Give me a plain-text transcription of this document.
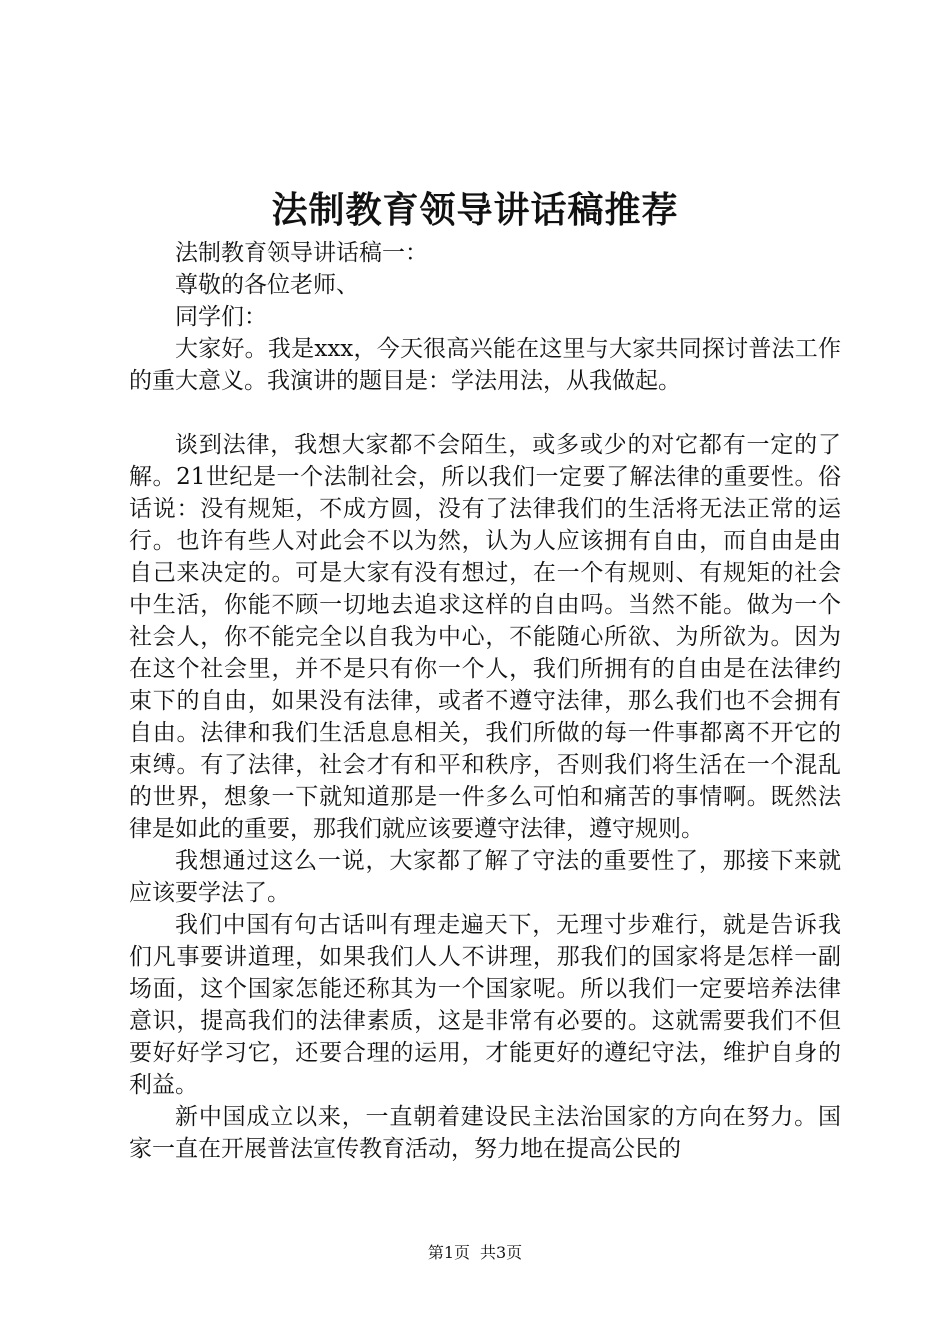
法制教育领导讲话稿推荐

法制教育领导讲话稿一：

尊敬的各位老师、

同学们：

大家好。我是xxx，今天很高兴能在这里与大家共同探讨普法工作的重大意义。我演讲的题目是：学法用法，从我做起。

谈到法律，我想大家都不会陌生，或多或少的对它都有一定的了解。21世纪是一个法制社会，所以我们一定要了解法律的重要性。俗话说：没有规矩，不成方圆，没有了法律我们的生活将无法正常的运行。也许有些人对此会不以为然，认为人应该拥有自由，而自由是由自己来决定的。可是大家有没有想过，在一个有规则、有规矩的社会中生活，你能不顾一切地去追求这样的自由吗。当然不能。做为一个社会人，你不能完全以自我为中心，不能随心所欲、为所欲为。因为在这个社会里，并不是只有你一个人，我们所拥有的自由是在法律约束下的自由，如果没有法律，或者不遵守法律，那么我们也不会拥有自由。法律和我们生活息息相关，我们所做的每一件事都离不开它的束缚。有了法律，社会才有和平和秩序，否则我们将生活在一个混乱的世界，想象一下就知道那是一件多么可怕和痛苦的事情啊。既然法律是如此的重要，那我们就应该要遵守法律，遵守规则。

我想通过这么一说，大家都了解了守法的重要性了，那接下来就应该要学法了。

我们中国有句古话叫有理走遍天下，无理寸步难行，就是告诉我们凡事要讲道理，如果我们人人不讲理，那我们的国家将是怎样一副场面，这个国家怎能还称其为一个国家呢。所以我们一定要培养法律意识，提高我们的法律素质，这是非常有必要的。这就需要我们不但要好好学习它，还要合理的运用，才能更好的遵纪守法，维护自身的利益。

新中国成立以来，一直朝着建设民主法治国家的方向在努力。国家一直在开展普法宣传教育活动，努力地在提高公民的

第1页 共3页
